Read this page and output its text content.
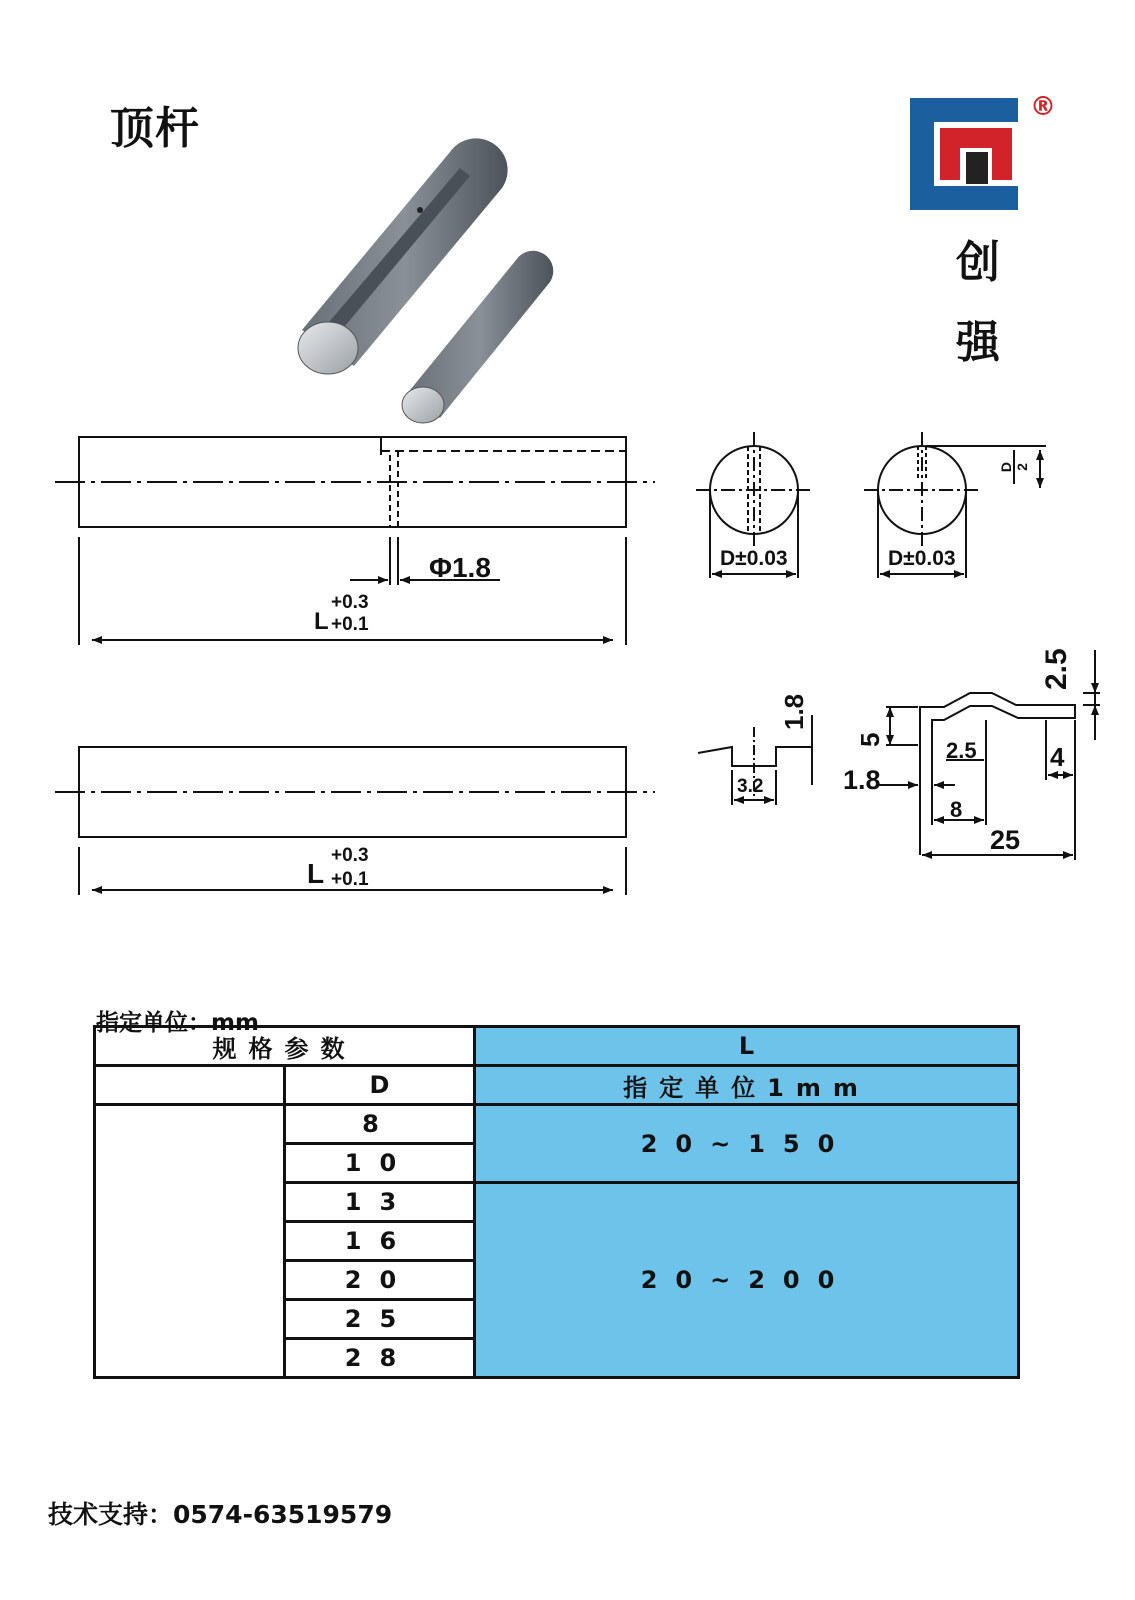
顶杆	®
创
强
Φ1.8
+0.3
L +0.1
+0.3
L +0.1
D±0.03	D±0.03
D 2
1.8
3.2
5
2.5
2.5	4
1.8
8
25
指定单位：mm
规格参数		L
	D	指定单位1mm
	8	20~150
	10	
	13	20~200
	16	
	20	
	25	
	28	
技术支持：0574-63519579
